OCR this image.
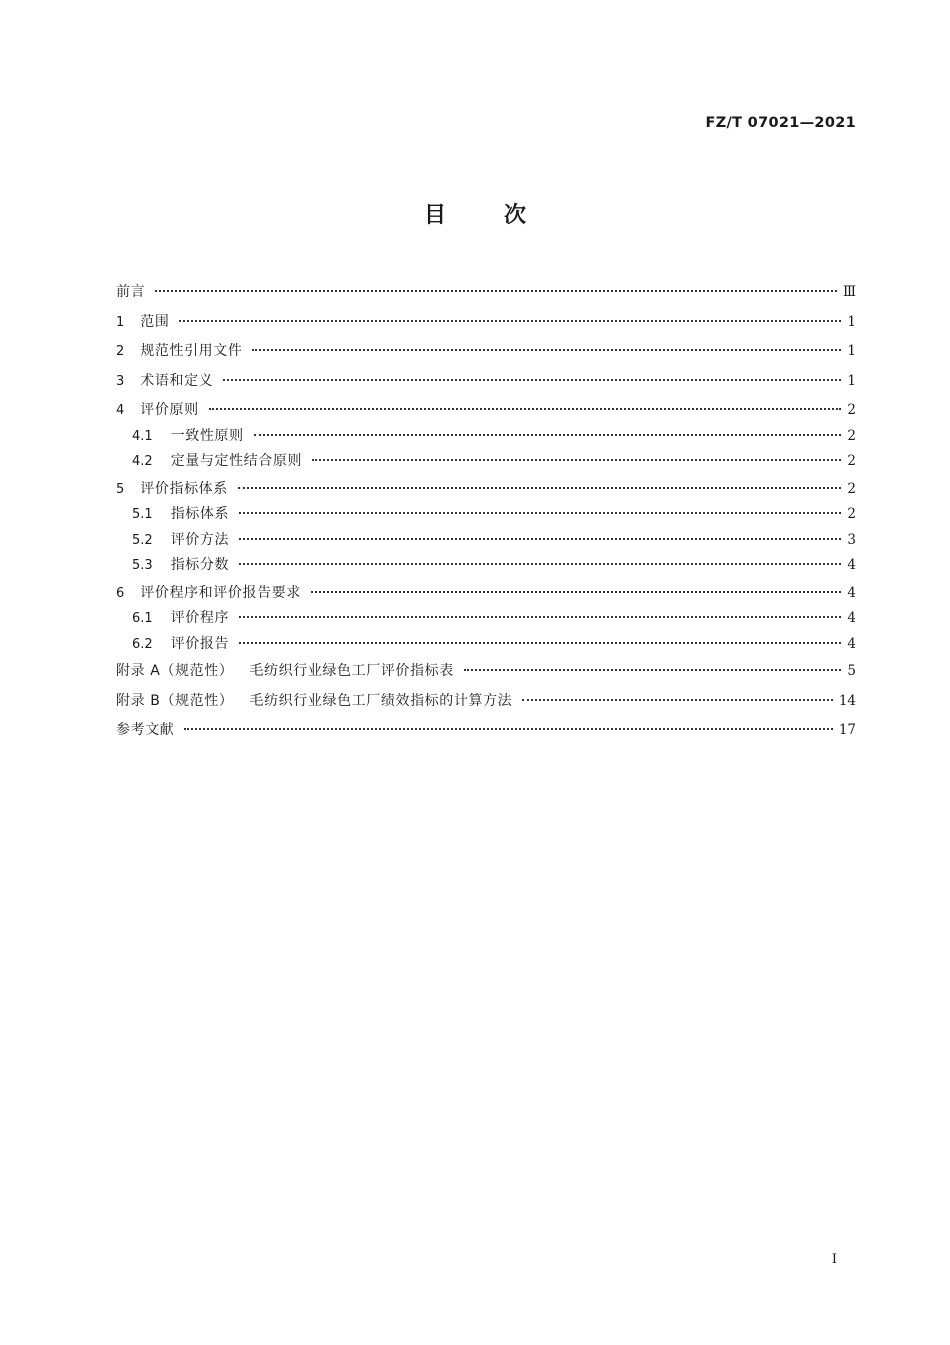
FZ/T 07021—2021
目	次
前言	Ⅲ
1 范围	1
2 规范性引用文件	1
3 术语和定义	1
4 评价原则	2
4.1 一致性原则	2
4.2 定量与定性结合原则	2
5 评价指标体系	2
5.1 指标体系	2
5.2 评价方法	3
5.3 指标分数	4
6 评价程序和评价报告要求	4
6.1 评价程序	4
6.2 评价报告	4
附录 A（规范性） 毛纺织行业绿色工厂评价指标表	5
附录 B（规范性） 毛纺织行业绿色工厂绩效指标的计算方法	14
参考文献	17
I
